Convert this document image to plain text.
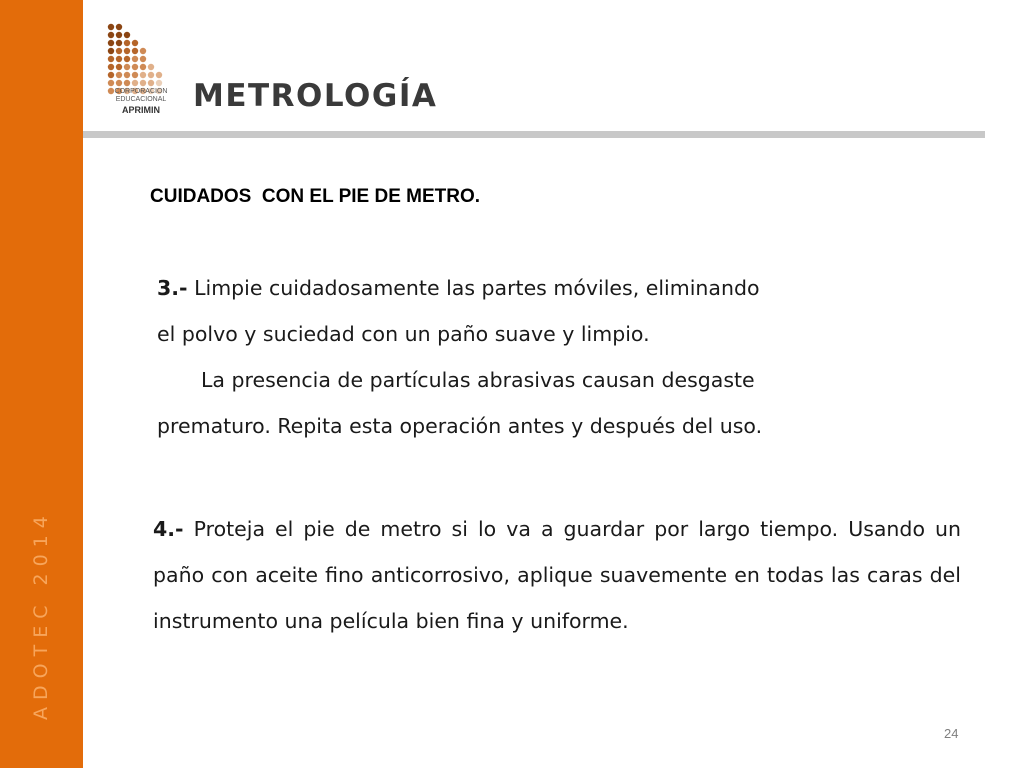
ADOTEC 2014
CORPORACION
EDUCACIONAL
APRIMIN	METROLOGÍA
CUIDADOS  CON EL PIE DE METRO.
3.- Limpie cuidadosamente las partes móviles, eliminando
el polvo y suciedad con un paño suave y limpio.
La presencia de partículas abrasivas causan desgaste
prematuro. Repita esta operación antes y después del uso.

4.- Proteja el pie de metro si lo va a guardar por largo tiempo. Usando un paño con aceite fino anticorrosivo, aplique suavemente en todas las caras del instrumento una película bien fina y uniforme.

24
